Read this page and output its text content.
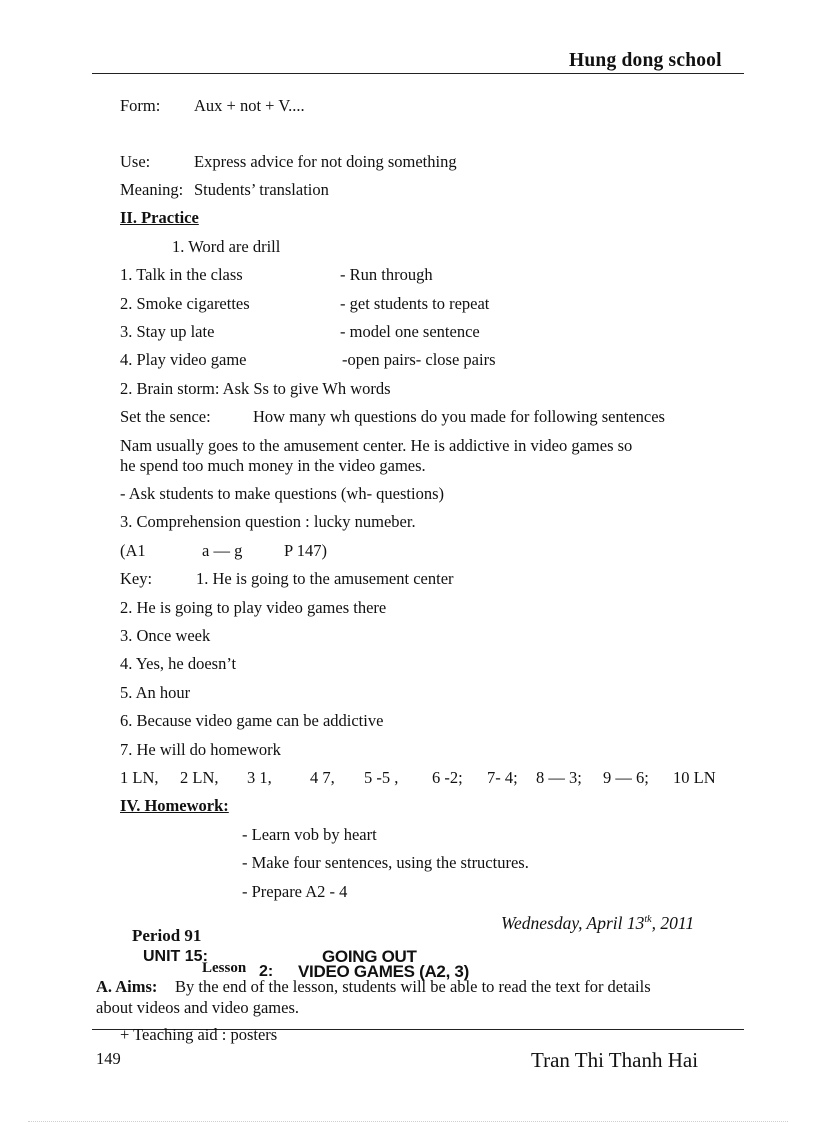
Hung dong school
Form: Aux + not + V....
Use:	Express advice for not doing something
Meaning: Students’ translation
II. Practice
1. Word are drill
1. Talk in the class	- Run through
2. Smoke cigarettes	- get students to repeat
3. Stay up late	- model one sentence
4. Play video game	-open pairs- close pairs
2. Brain storm: Ask Ss to give Wh words
Set the sence:	How many wh questions do you made for following sentences
Nam usually goes to the amusement center. He is addictive in video games so
he spend too much money in the video games.
- Ask students to make questions (wh- questions)
3. Comprehension question : lucky numeber.
(A1	a — g	P 147)
Key:	1. He is going to the amusement center
2. He is going to play video games there
3. Once week
4. Yes, he doesn’t
5. An hour
6. Because video game can be addictive
7. He will do homework
1 LN, 2 LN, 3 1, 4 7, 5 -5 , 6 -2; 7- 4; 8 — 3; 9 — 6; 10 LN
IV. Homework:
- Learn vob by heart
- Make four sentences, using the structures.
- Prepare A2 - 4
Wednesday, April $13^{tk}$, 2011
Period 91
UNIT 15:	GOING OUT
Lesson 2: VIDEO GAMES (A2, 3)
A. Aims: By the end of the lesson, students will be able to read the text for details
about videos and video games.
+ Teaching aid : posters
149	Tran Thi Thanh Hai
